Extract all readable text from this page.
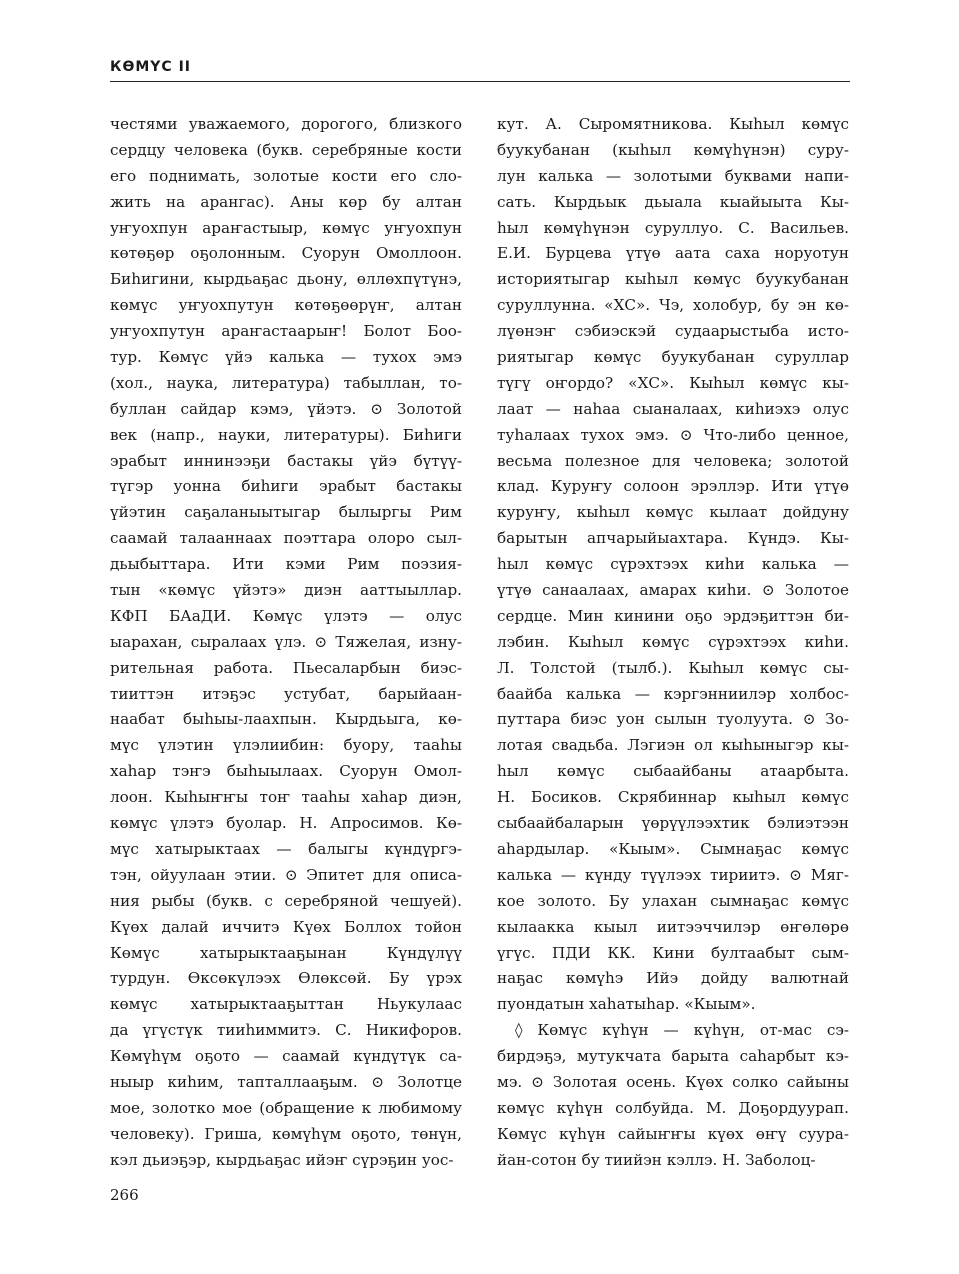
КӨМҮС II
честями уважаемого, дорогого, близкого
сердцу человека (букв. серебряные кости
его поднимать, золотые кости его сло-
жить на арангас). Аны көр бу алтан
уҥуохпун араҥастыыр, көмүс уҥуохпун
көтөҕөр оҕолонным. Суорун Омоллоон.
Биһигини, кырдьаҕас дьону, өллөхпүтүнэ,
көмүс уҥуохпутун көтөҕөөрүҥ, алтан
уҥуохпутун араҥастаарыҥ! Болот Боо-
тур. Көмүс үйэ калька — тухох эмэ
(хол., наука, литература) табыллан, то-
буллан сайдар кэмэ, үйэтэ. ⊙ Золотой
век (напр., науки, литературы). Биһиги
эрабыт иннинээҕи бастакы үйэ бүтүү-
түгэр уонна биһиги эрабыт бастакы
үйэтин саҕаланыытыгар былыргы Рим
саамай талааннаах поэттара олоро сыл-
дьыбыттара. Ити кэми Рим поэзия-
тын «көмүс үйэтэ» диэн ааттыыллар.
КФП БАаДИ. Көмүс үлэтэ — олус
ыарахан, сыралаах үлэ. ⊙ Тяжелая, изну-
рительная работа. Пьесаларбын биэс-
тииттэн итэҕэс устубат, барыйаан-
наабат быһыы-лаахпын. Кырдьыга, кө-
мүс үлэтин үлэлиибин: буору, тааһы
хаһар тэҥэ быһыылаах. Суорун Омол-
лоон. Кыһыҥҥы тоҥ тааһы хаһар диэн,
көмүс үлэтэ буолар. Н. Апросимов. Кө-
мүс хатырыктаах — балыгы күндүргэ-
тэн, ойуулаан этии. ⊙ Эпитет для описа-
ния рыбы (букв. с серебряной чешуей).
Күөх далай иччитэ Күөх Боллох тойон
Көмүс хатырыктааҕынан Күндүлүү
турдун. Өксөкүлээх Өлөксөй. Бу үрэх
көмүс хатырыктааҕыттан Ньукулаас
да үгүстүк тииһиммитэ. С. Никифоров.
Көмүһүм оҕото — саамай күндүтүк са-
ныыр киһим, тапталлааҕым. ⊙ Золотце
мое, золотко мое (обращение к любимому
человеку). Гриша, көмүһүм оҕото, төнүн,
кэл дьиэҕэр, кырдьаҕас ийэҥ сүрэҕин уос-
кут. А. Сыромятникова. Кыһыл көмүс
буукубанан (кыһыл көмүһүнэн) суру-
лун калька — золотыми буквами напи-
сать. Кырдьык дьыала кыайыыта Кы-
һыл көмүһүнэн суруллуо. С. Васильев.
Е.И. Бурцева үтүө аата саха норуотун
историятыгар кыһыл көмүс буукубанан
суруллунна. «ХС». Чэ, холобур, бу эн кө-
лүөнэҥ сэбиэскэй судаарыстыба исто-
риятыгар көмүс буукубанан суруллар
түгү оҥордо? «ХС». Кыһыл көмүс кы-
лаат — наһаа сыаналаах, киһиэхэ олус
туһалаах тухох эмэ. ⊙ Что-либо ценное,
весьма полезное для человека; золотой
клад. Куруҥу солоон эрэллэр. Ити үтүө
куруҥу, кыһыл көмүс кылаат дойдуну
барытын апчарыйыахтара. Күндэ. Кы-
һыл көмүс сүрэхтээх киһи калька —
үтүө санаалаах, амарах киһи. ⊙ Золотое
сердце. Мин кинини оҕо эрдэҕиттэн би-
лэбин. Кыһыл көмүс сүрэхтээх киһи.
Л. Толстой (тылб.). Кыһыл көмүс сы-
баайба калька — кэргэнниилэр холбос-
путтара биэс уон сылын туолуута. ⊙ Зо-
лотая свадьба. Лэгиэн ол кыһыныгэр кы-
һыл көмүс сыбаайбаны атаарбыта.
Н. Босиков. Скрябиннар кыһыл көмүс
сыбаайбаларын үөрүүлээхтик бэлиэтээн
аһардылар. «Кыым». Сымнаҕас көмүс
калька — күнду түүлээх тириитэ. ⊙ Мяг-
кое золото. Бу улахан сымнаҕас көмүс
кылаакка кыыл иитээччилэр өҥөлөрө
үгүс. ПДИ КК. Кини бултаабыт сым-
наҕас көмүһэ Ийэ дойду валютнай
пуондатын хаһатыһар. «Кыым».
◊ Көмүс күһүн — күһүн, от-мас сэ-
бирдэҕэ, мутукчата барыта саһарбыт кэ-
мэ. ⊙ Золотая осень. Күөх солко сайыны
көмүс күһүн солбуйда. М. Доҕордуурап.
Көмүс күһүн сайыҥҥы күөх өҥү суура-
йан-сотон бу тиийэн кэллэ. Н. Заболоц-
266
